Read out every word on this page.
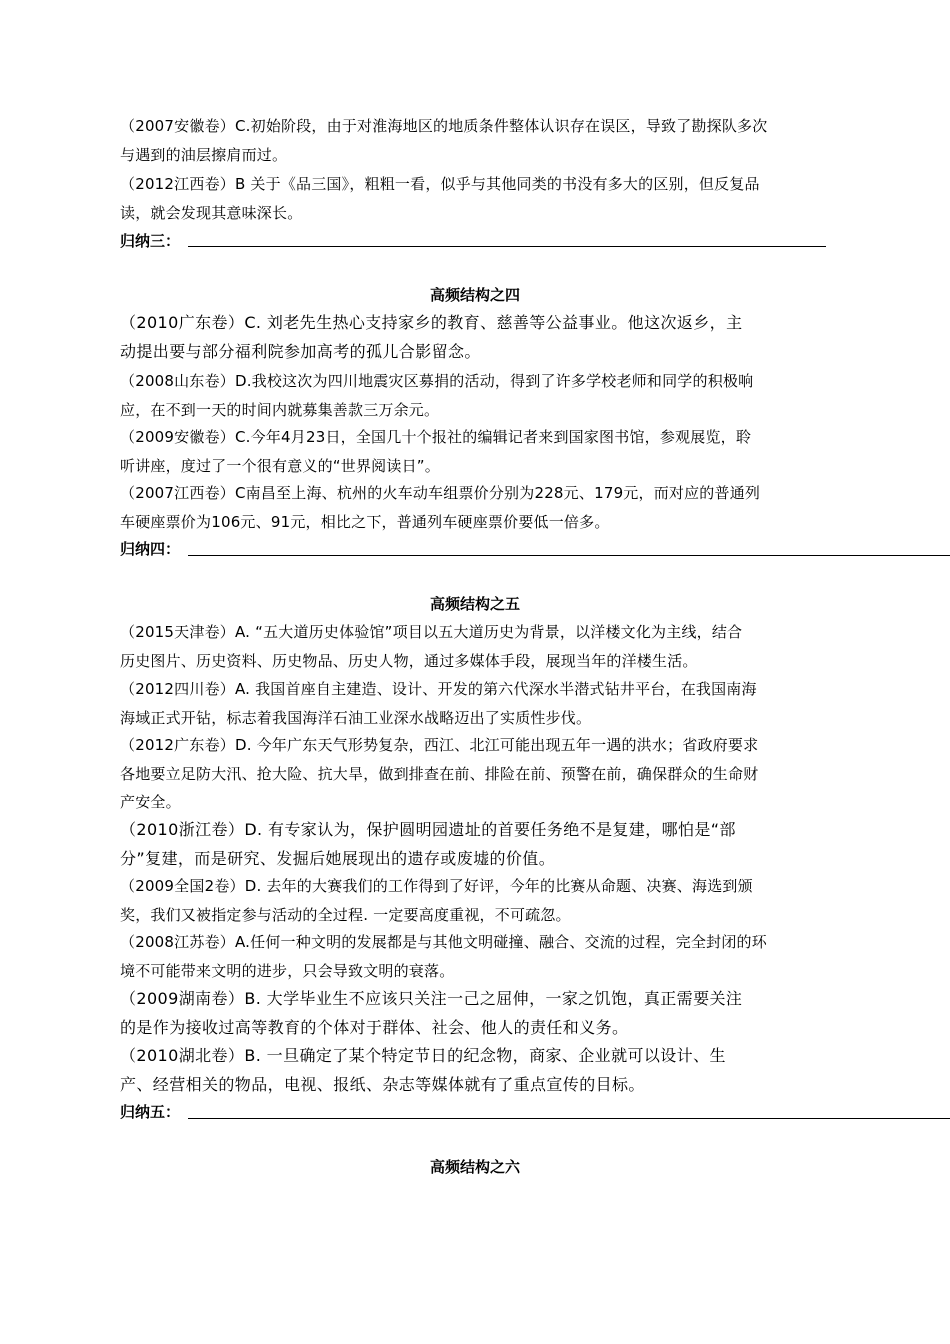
（2007安徽卷）C.初始阶段，由于对淮海地区的地质条件整体认识存在误区，导致了勘探队多次
与遇到的油层擦肩而过。
（2012江西卷）B 关于《品三国》，粗粗一看，似乎与其他同类的书没有多大的区别，但反复品
读，就会发现其意味深长。
归纳三：
高频结构之四
（2010广东卷）C. 刘老先生热心支持家乡的教育、慈善等公益事业。他这次返乡，主
动提出要与部分福利院参加高考的孤儿合影留念。
（2008山东卷）D.我校这次为四川地震灾区募捐的活动，得到了许多学校老师和同学的积极响
应，在不到一天的时间内就募集善款三万余元。
（2009安徽卷）C.今年4月23日，全国几十个报社的编辑记者来到国家图书馆，参观展览，聆
听讲座，度过了一个很有意义的“世界阅读日”。
（2007江西卷）C南昌至上海、杭州的火车动车组票价分别为228元、179元，而对应的普通列
车硬座票价为106元、91元，相比之下，普通列车硬座票价要低一倍多。
归纳四：
高频结构之五
（2015天津卷）A. “五大道历史体验馆”项目以五大道历史为背景，以洋楼文化为主线，结合
历史图片、历史资料、历史物品、历史人物，通过多媒体手段，展现当年的洋楼生活。
（2012四川卷）A. 我国首座自主建造、设计、开发的第六代深水半潜式钻井平台，在我国南海
海域正式开钻，标志着我国海洋石油工业深水战略迈出了实质性步伐。
（2012广东卷）D. 今年广东天气形势复杂，西江、北江可能出现五年一遇的洪水；省政府要求
各地要立足防大汛、抢大险、抗大旱，做到排查在前、排险在前、预警在前，确保群众的生命财
产安全。
（2010浙江卷）D. 有专家认为，保护圆明园遗址的首要任务绝不是复建，哪怕是“部
分”复建，而是研究、发掘后她展现出的遗存或废墟的价值。
（2009全国2卷）D. 去年的大赛我们的工作得到了好评，今年的比赛从命题、决赛、海选到颁
奖，我们又被指定参与活动的全过程. 一定要高度重视，不可疏忽。
（2008江苏卷）A.任何一种文明的发展都是与其他文明碰撞、融合、交流的过程，完全封闭的环
境不可能带来文明的进步，只会导致文明的衰落。
（2009湖南卷）B. 大学毕业生不应该只关注一己之屈伸，一家之饥饱，真正需要关注
的是作为接收过高等教育的个体对于群体、社会、他人的责任和义务。
（2010湖北卷）B. 一旦确定了某个特定节日的纪念物，商家、企业就可以设计、生
产、经营相关的物品，电视、报纸、杂志等媒体就有了重点宣传的目标。
归纳五：
高频结构之六
